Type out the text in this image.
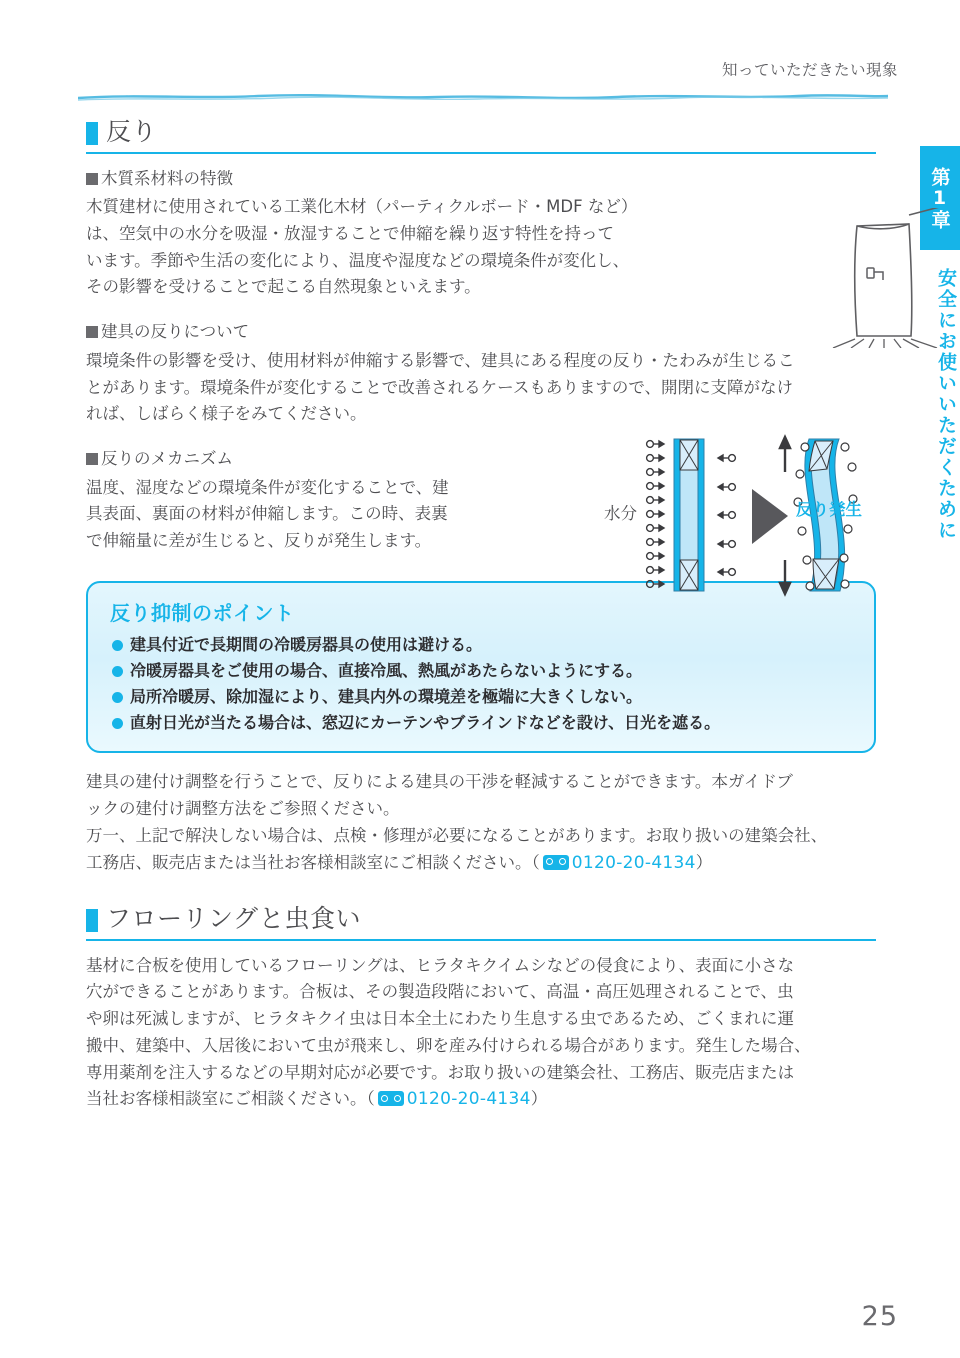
知っていただきたい現象
第1章
安全にお使いいただくために
反り

木質系材料の特徴

木質建材に使用されている工業化木材（パーティクルボード・MDF など）
は、空気中の水分を吸湿・放湿することで伸縮を繰り返す特性を持って
います。季節や生活の変化により、温度や湿度などの環境条件が変化し、
その影響を受けることで起こる自然現象といえます。

建具の反りについて

環境条件の影響を受け、使用材料が伸縮する影響で、建具にある程度の反り・たわみが生じるこ
とがあります。環境条件が変化することで改善されるケースもありますので、開閉に支障がなけ
れば、しばらく様子をみてください。

反りのメカニズム

温度、湿度などの環境条件が変化することで、建
具表面、裏面の材料が伸縮します。この時、表裏
で伸縮量に差が生じると、反りが発生します。

水分	反り発生

反り抑制のポイント

建具付近で長期間の冷暖房器具の使用は避ける。
冷暖房器具をご使用の場合、直接冷風、熱風があたらないようにする。
局所冷暖房、除加湿により、建具内外の環境差を極端に大きくしない。
直射日光が当たる場合は、窓辺にカーテンやブラインドなどを設け、日光を遮る。

建具の建付け調整を行うことで、反りによる建具の干渉を軽減することができます。本ガイドブ
ックの建付け調整方法をご参照ください。
万一、上記で解決しない場合は、点検・修理が必要になることがあります。お取り扱いの建築会社、
工務店、販売店または当社お客様相談室にご相談ください。（ 0120-20-4134）

フローリングと虫食い

基材に合板を使用しているフローリングは、ヒラタキクイムシなどの侵食により、表面に小さな
穴ができることがあります。合板は、その製造段階において、高温・高圧処理されることで、虫
や卵は死滅しますが、ヒラタキクイ虫は日本全土にわたり生息する虫であるため、ごくまれに運
搬中、建築中、入居後において虫が飛来し、卵を産み付けられる場合があります。発生した場合、
専用薬剤を注入するなどの早期対応が必要です。お取り扱いの建築会社、工務店、販売店または
当社お客様相談室にご相談ください。（ 0120-20-4134）

25
